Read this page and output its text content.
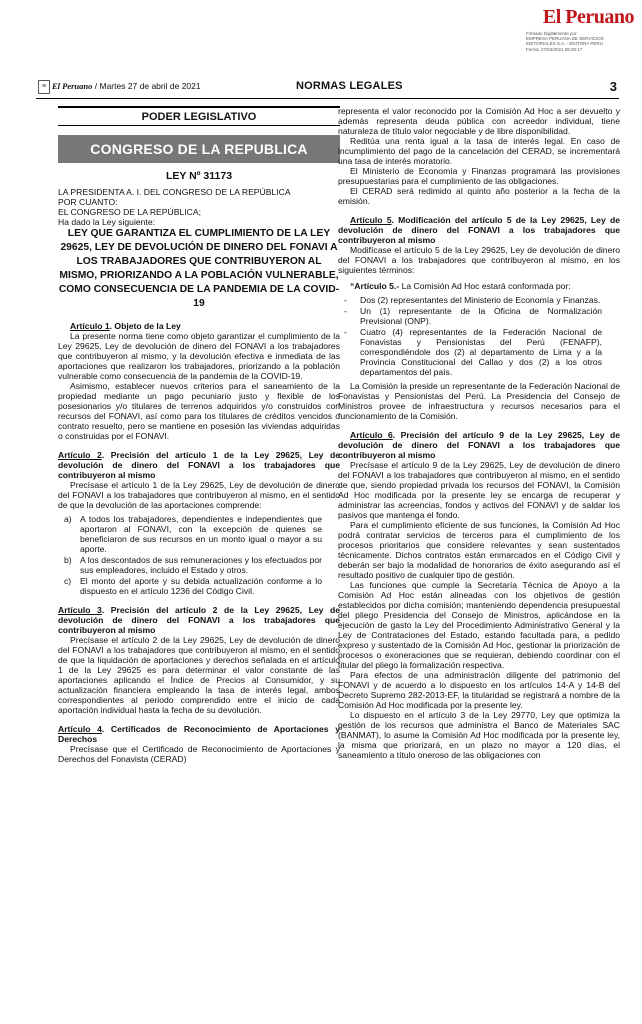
El Peruano
Firmado Digitalmente por:
EMPRESA PERUANA DE SERVICIOS
EDITORIALES S.A. - EDITORA PERU
Fecha: 27/04/2021 06:20:17
≡ El Peruano / Martes 27 de abril de 2021	NORMAS LEGALES	3
PODER LEGISLATIVO
CONGRESO DE LA REPUBLICA
LEY Nº 31173

LA PRESIDENTA A. I. DEL CONGRESO DE LA REPÚBLICA

POR CUANTO:

EL CONGRESO DE LA REPÚBLICA;

Ha dado la Ley siguiente:

LEY QUE GARANTIZA EL CUMPLIMIENTO DE LA LEY 29625, LEY DE DEVOLUCIÓN DE DINERO DEL FONAVI A LOS TRABAJADORES QUE CONTRIBUYERON AL MISMO, PRIORIZANDO A LA POBLACIÓN VULNERABLE, COMO CONSECUENCIA DE LA PANDEMIA DE LA COVID-19

Artículo 1. Objeto de la Ley

La presente norma tiene como objeto garantizar el cumplimiento de la Ley 29625, Ley de devolución de dinero del FONAVI a los trabajadores que contribuyeron al mismo, y la devolución efectiva e inmediata de las aportaciones que realizaron los trabajadores, priorizando a la población vulnerable como consecuencia de la pandemia de la COVID-19.

Asimismo, establecer nuevos criterios para el saneamiento de la propiedad mediante un pago pecuniario justo y flexible de los posesionarios y/o titulares de terrenos adquiridos y/o construidos con recursos del FONAVI, así como para los titulares de créditos vencidos o contrato resuelto, pero se mantiene en posesión las viviendas adquiridas o construidas por el FONAVI.

Artículo 2. Precisión del artículo 1 de la Ley 29625, Ley de devolución de dinero del FONAVI a los trabajadores que contribuyeron al mismo

Precísase el artículo 1 de la Ley 29625, Ley de devolución de dinero del FONAVI a los trabajadores que contribuyeron al mismo, en el sentido de que la devolución de las aportaciones comprende:

a) A todos los trabajadores, dependientes e independientes que aportaron al FONAVI, con la excepción de quienes se beneficiaron de sus recursos en un monto igual o mayor a su aporte.
b) A los descontados de sus remuneraciones y los efectuados por sus empleadores, incluido el Estado y otros.
c) El monto del aporte y su debida actualización conforme a lo dispuesto en el artículo 1236 del Código Civil.

Artículo 3. Precisión del artículo 2 de la Ley 29625, Ley de devolución de dinero del FONAVI a los trabajadores que contribuyeron al mismo

Precísase el artículo 2 de la Ley 29625, Ley de devolución de dinero del FONAVI a los trabajadores que contribuyeron al mismo, en el sentido de que la liquidación de aportaciones y derechos señalada en el artículo 1 de la Ley 29625 es para determinar el valor constante de las aportaciones aplicando el Índice de Precios al Consumidor, y su actualización financiera empleando la tasa de interés legal, ambos correspondientes al periodo comprendido entre el inicio de cada aportación individual hasta la fecha de su devolución.

Artículo 4. Certificados de Reconocimiento de Aportaciones y Derechos

Precísase que el Certificado de Reconocimiento de Aportaciones y Derechos del Fonavista (CERAD)

representa el valor reconocido por la Comisión Ad Hoc a ser devuelto y además representa deuda pública con acreedor individual, tiene naturaleza de título valor negociable y de libre disponibilidad.

Reditúa una renta igual a la tasa de interés legal. En caso de incumplimiento del pago de la cancelación del CERAD, se incrementará una tasa de interés moratorio.

El Ministerio de Economía y Finanzas programará las provisiones presupuestarias para el cumplimiento de las obligaciones.

El CERAD será redimido al quinto año posterior a la fecha de la emisión.

Artículo 5. Modificación del artículo 5 de la Ley 29625, Ley de devolución de dinero del FONAVI a los trabajadores que contribuyeron al mismo

Modifícase el artículo 5 de la Ley 29625, Ley de devolución de dinero del FONAVI a los trabajadores que contribuyeron al mismo, en los siguientes términos:

“Artículo 5.- La Comisión Ad Hoc estará conformada por:

- Dos (2) representantes del Ministerio de Economía y Finanzas.
- Un (1) representante de la Oficina de Normalización Previsional (ONP).
- Cuatro (4) representantes de la Federación Nacional de Fonavistas y Pensionistas del Perú (FENAFP), correspondiéndole dos (2) al departamento de Lima y a la Provincia Constitucional del Callao y dos (2) a los otros departamentos del país.

La Comisión la preside un representante de la Federación Nacional de Fonavistas y Pensionistas del Perú. La Presidencia del Consejo de Ministros provee de infraestructura y recursos necesarios para el funcionamiento de la Comisión.

Artículo 6. Precisión del artículo 9 de la Ley 29625, Ley de devolución de dinero del FONAVI a los trabajadores que contribuyeron al mismo

Precísase el artículo 9 de la Ley 29625, Ley de devolución de dinero del FONAVI a los trabajadores que contribuyeron al mismo, en el sentido de que, siendo propiedad privada los recursos del FONAVI, la Comisión Ad Hoc modificada por la presente ley se encarga de recuperar y administrar las acreencias, fondos y activos del FONAVI y de saldar los pasivos que mantenga el fondo.

Para el cumplimiento eficiente de sus funciones, la Comisión Ad Hoc podrá contratar servicios de terceros para el cumplimiento de los procesos prioritarios que considere relevantes y sean sustentados técnicamente. Dichos contratos están enmarcados en el Código Civil y deberán ser bajo la modalidad de honorarios de éxito asegurando así el resultado positivo de cualquier tipo de gestión.

Las funciones que cumple la Secretaría Técnica de Apoyo a la Comisión Ad Hoc están alineadas con los objetivos de gestión establecidos por dicha comisión; manteniendo dependencia presupuestal del pliego Presidencia del Consejo de Ministros, aplicándose en la ejecución de gasto la Ley del Procedimiento Administrativo General y la Ley de Contrataciones del Estado, estando facultada para, a pedido expreso y sustentado de la Comisión Ad Hoc, gestionar la priorización de procesos o exoneraciones que se requieran, debiendo coordinar con el titular del pliego la formalización respectiva.

Para efectos de una administración diligente del patrimonio del FONAVI y de acuerdo a lo dispuesto en los artículos 14-A y 14-B del Decreto Supremo 282-2013-EF, la titularidad se registrará a nombre de la Comisión Ad Hoc modificada por la presente ley.

Lo dispuesto en el artículo 3 de la Ley 29770, Ley que optimiza la gestión de los recursos que administra el Banco de Materiales SAC (BANMAT), lo asume la Comisión Ad Hoc modificada por la presente ley, la misma que priorizará, en un plazo no mayor a 120 días, el saneamiento a título oneroso de las obligaciones con
